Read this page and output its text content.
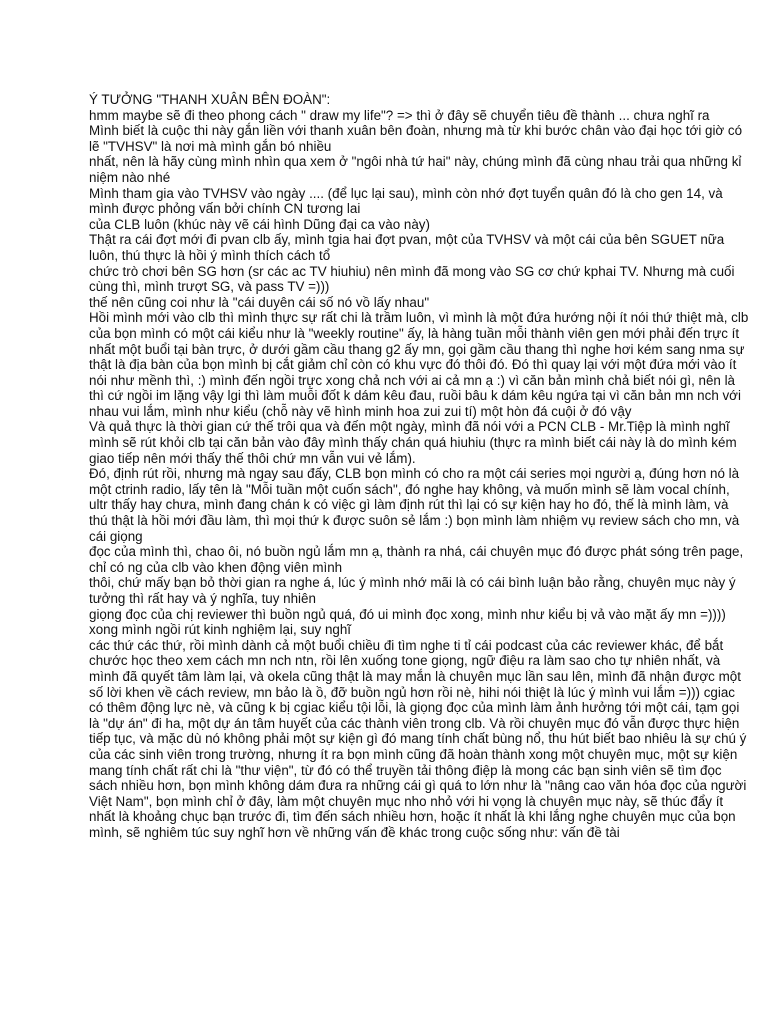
Ý TƯỞNG "THANH XUÂN BÊN ĐOÀN":

hmm maybe sẽ đi theo phong cách " draw my life"? => thì ở đây sẽ chuyển tiêu đề thành ... chưa nghĩ ra

Mình biết là cuộc thi này gắn liền với thanh xuân bên đoàn, nhưng mà từ khi bước chân vào đại học tới giờ có lẽ "TVHSV" là nơi mà mình gắn bó nhiều

nhất, nên là hãy cùng mình nhìn qua xem ở "ngôi nhà tứ hai" này, chúng mình đã cùng nhau trải qua những kỉ niệm nào nhé

Mình tham gia vào TVHSV vào ngày .... (để lục lại sau), mình còn nhớ đợt tuyển quân đó là cho gen 14, và mình được phỏng vấn bởi chính CN tương lai

của CLB luôn (khúc này vẽ cái hình Dũng đại ca vào này)

Thật ra cái đợt mới đi pvan clb ấy, mình tgia hai đợt pvan, một của TVHSV và một cái của bên SGUET nữa luôn, thú thực là hồi ý mình thích cách tổ

chức trò chơi bên SG hơn (sr các ac TV hiuhiu) nên mình đã mong vào SG cơ chứ kphai TV. Nhưng mà cuối cùng thì, mình trượt SG, và pass TV =)))

thế nên cũng coi như là "cái duyên cái số nó vồ lấy nhau"

Hồi mình mới vào clb thì mình thực sự rất chi là trầm luôn, vì mình là một đứa hướng nội ít nói thứ thiệt mà, clb của bọn mình có một cái kiểu như là "weekly routine" ấy, là hàng tuần mỗi thành viên gen mới phải đến trực ít nhất một buổi tại bàn trực, ở dưới gầm cầu thang g2 ấy mn, gọi gầm cầu thang thì nghe hơi kém sang nma sự thật là địa bàn của bọn mình bị cắt giảm chỉ còn có khu vực đó thôi đó. Đó thì quay lại với một đứa mới vào ít nói như mềnh thì, :) mình đến ngồi trực xong chả nch với ai cả mn ạ :) vì căn bản mình chả biết nói gì, nên là thì cứ ngồi im lặng vậy lgi thì làm muỗi đốt k dám kêu đau, ruồi bâu k dám kêu ngứa tại vì căn bản mn nch với nhau vui lắm, mình như kiểu (chỗ này vẽ hình minh hoa zui zui tí) một hòn đá cuội ở đó vậy

Và quả thực là thời gian cứ thế trôi qua và đến một ngày, mình đã nói với a PCN CLB - Mr.Tiệp là mình nghĩ mình sẽ rút khỏi clb tại căn bản vào đây mình thấy chán quá hiuhiu (thực ra mình biết cái này là do mình kém giao tiếp nên mới thấy thế thôi chứ mn vẫn vui vẻ lắm).

Đó, định rút rồi, nhưng mà ngay sau đấy, CLB bọn mình có cho ra một cái series mọi người ạ, đúng hơn nó là một ctrinh radio, lấy tên là "Mỗi tuần một cuốn sách", đó nghe hay không, và muốn mình sẽ làm vocal chính, ultr thấy hay chưa, mình đang chán k có việc gì làm định rút thì lại có sự kiện hay ho đó, thế là mình làm, và thú thật là hồi mới đầu làm, thì mọi thứ k được suôn sẻ lắm :) bọn mình làm nhiệm vụ review sách cho mn, và cái giọng

đọc của mình thì, chao ôi, nó buồn ngủ lắm mn ạ, thành ra nhá, cái chuyên mục đó được phát sóng trên page, chỉ có ng của clb vào khen động viên mình

thôi, chứ mấy bạn bỏ thời gian ra nghe á, lúc ý mình nhớ mãi là có cái bình luận bảo rằng, chuyên mục này ý tưởng thì rất hay và ý nghĩa, tuy nhiên

giọng đọc của chị reviewer thì buồn ngủ quá, đó ui mình đọc xong, mình như kiểu bị vả vào mặt ấy mn =)))) xong mình ngồi rút kinh nghiệm lại, suy nghĩ

các thứ các thứ, rồi mình dành cả một buổi chiều đi tìm nghe ti tỉ cái podcast của các reviewer khác, để bắt chước học theo xem cách mn nch ntn, rồi lên xuống tone giọng, ngữ điệu ra làm sao cho tự nhiên nhất, và mình đã quyết tâm làm lại, và okela cũng thật là may mắn là chuyên mục lần sau lên, mình đã nhận được một số lời khen về cách review, mn bảo là ồ, đỡ buồn ngủ hơn rồi nè, hihi nói thiệt là lúc ý mình vui lắm =))) cgiac có thêm động lực nè, và cũng k bị cgiac kiểu tội lỗi, là giọng đọc của mình làm ảnh hưởng tới một cái, tạm gọi là "dự án" đi ha, một dự án tâm huyết của các thành viên trong clb. Và rồi chuyên mục đó vẫn được thực hiện tiếp tục, và mặc dù nó không phải một sự kiện gì đó mang tính chất bùng nổ, thu hút biết bao nhiêu là sự chú ý của các sinh viên trong trường, nhưng ít ra bọn mình cũng đã hoàn thành xong một chuyên mục, một sự kiện mang tính chất rất chi là "thư viện", từ đó có thể truyền tải thông điệp là mong các bạn sinh viên sẽ tìm đọc sách nhiều hơn, bọn mình không dám đưa ra những cái gì quá to lớn như là "nâng cao văn hóa đọc của người Việt Nam", bọn mình chỉ ở đây, làm một chuyên mục nho nhỏ với hi vọng là chuyên mục này, sẽ thúc đẩy ít nhất là khoảng chục bạn trước đi, tìm đến sách nhiều hơn, hoặc ít nhất là khi lắng nghe chuyên mục của bọn mình, sẽ nghiêm túc suy nghĩ hơn về những vấn đề khác trong cuộc sống như: vấn đề tài
